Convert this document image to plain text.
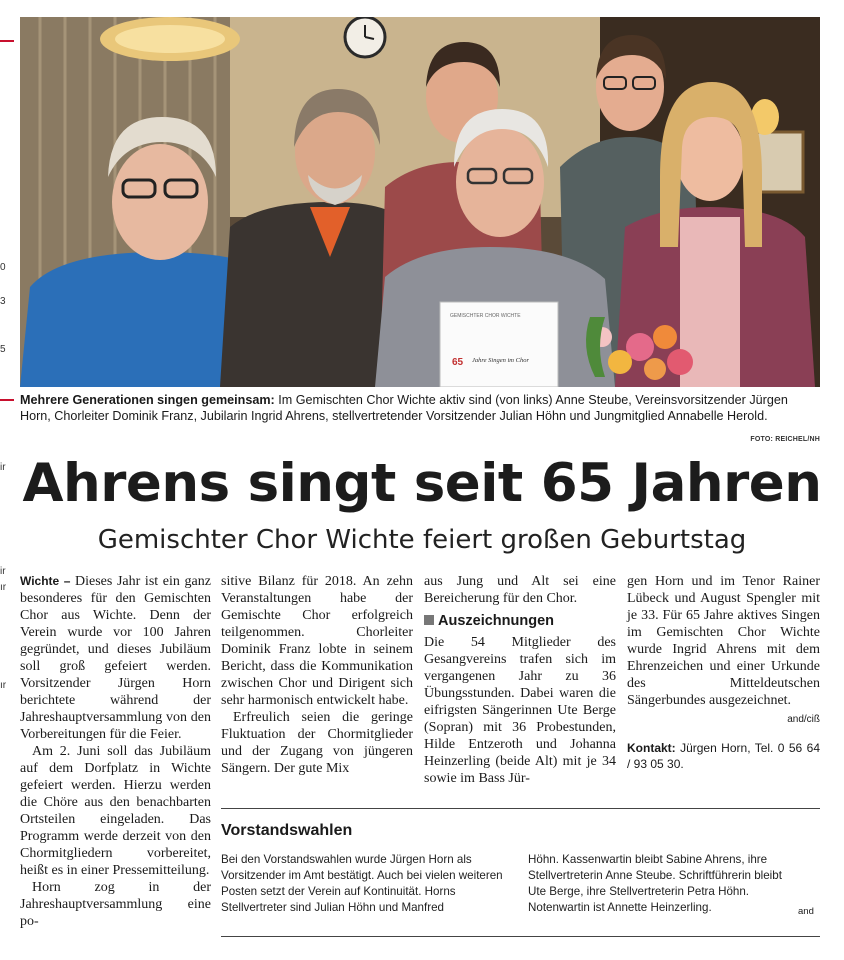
0
3
5
ir
ir
ır
ır
GEMISCHTER CHOR WICHTE
65 Jahre Singen im Chor
Mehrere Generationen singen gemeinsam: Im Gemischten Chor Wichte aktiv sind (von links) Anne Steube, Vereinsvorsitzender Jürgen Horn, Chorleiter Dominik Franz, Jubilarin Ingrid Ahrens, stellvertretender Vorsitzender Julian Höhn und Jungmitglied Annabelle Herold.
FOTO: REICHEL/NH
Ahrens singt seit 65 Jahren
Gemischter Chor Wichte feiert großen Geburtstag

Wichte – Dieses Jahr ist ein ganz besonderes für den Gemischten Chor aus Wichte. Denn der Verein wurde vor 100 Jahren gegründet, und dieses Jubiläum soll groß gefeiert werden. Vorsitzender Jürgen Horn berichtete während der Jahreshauptversammlung von den Vorbereitungen für die Feier.

Am 2. Juni soll das Jubiläum auf dem Dorfplatz in Wichte gefeiert werden. Hierzu werden die Chöre aus den benachbarten Ortsteilen eingeladen. Das Programm werde derzeit von den Chormitgliedern vorbereitet, heißt es in einer Pressemitteilung.

Horn zog in der Jahreshauptversammlung eine po-

sitive Bilanz für 2018. An zehn Veranstaltungen habe der Gemischte Chor erfolgreich teilgenommen. Chorleiter Dominik Franz lobte in seinem Bericht, dass die Kommunikation zwischen Chor und Dirigent sich sehr harmonisch entwickelt habe.

Erfreulich seien die geringe Fluktuation der Chormitglieder und der Zugang von jüngeren Sängern. Der gute Mix

aus Jung und Alt sei eine Bereicherung für den Chor.

Auszeichnungen

Die 54 Mitglieder des Gesangvereins trafen sich im vergangenen Jahr zu 36 Übungsstunden. Dabei waren die eifrigsten Sängerinnen Ute Berge (Sopran) mit 36 Probestunden, Hilde Entzeroth und Johanna Heinzerling (beide Alt) mit je 34 sowie im Bass Jür-

gen Horn und im Tenor Rainer Lübeck und August Spengler mit je 33. Für 65 Jahre aktives Singen im Gemischten Chor Wichte wurde Ingrid Ahrens mit dem Ehrenzeichen und einer Urkunde des Mitteldeutschen Sängerbundes ausgezeichnet.

and/ciß
Kontakt: Jürgen Horn, Tel. 0 56 64 / 93 05 30.
Vorstandswahlen
Bei den Vorstandswahlen wurde Jürgen Horn als Vorsitzender im Amt bestätigt. Auch bei vielen weiteren Posten setzt der Verein auf Kontinuität. Horns Stellvertreter sind Julian Höhn und Manfred
Höhn. Kassenwartin bleibt Sabine Ahrens, ihre Stellvertreterin Anne Steube. Schriftführerin bleibt Ute Berge, ihre Stellvertreterin Petra Höhn. Notenwartin ist Annette Heinzerling.	and
